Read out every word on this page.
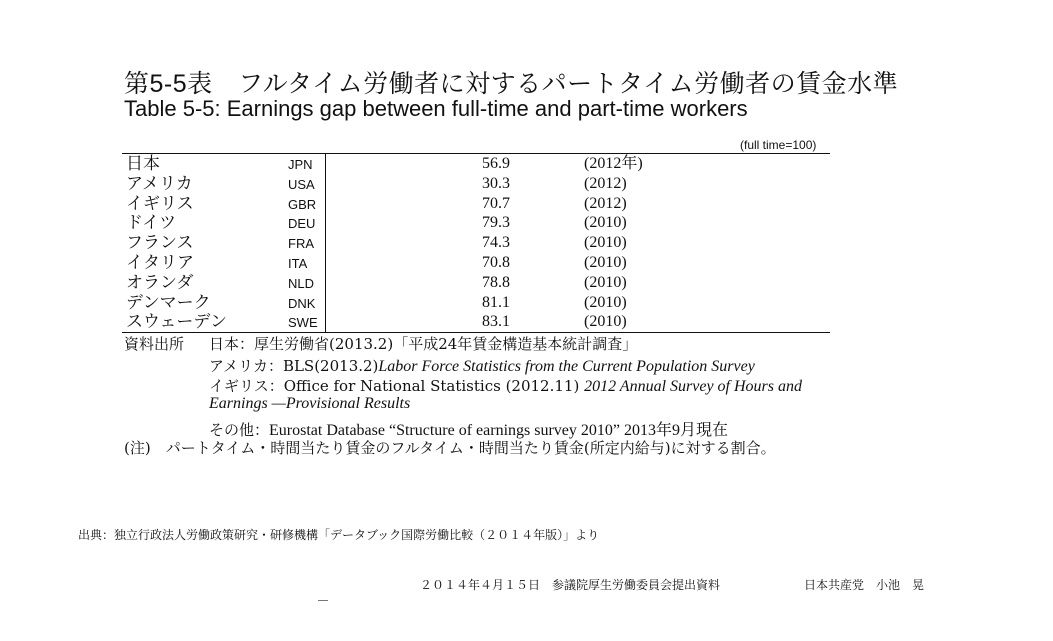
第5-5表　フルタイム労働者に対するパートタイム労働者の賃金水準
Table 5-5: Earnings gap between full-time and part-time workers
(full time=100)
日本	JPN	56.9	(2012年)
アメリカ	USA	30.3	(2012)
イギリス	GBR	70.7	(2012)
ドイツ	DEU	79.3	(2010)
フランス	FRA	74.3	(2010)
イタリア	ITA	70.8	(2010)
オランダ	NLD	78.8	(2010)
デンマーク	DNK	81.1	(2010)
スウェーデン	SWE	83.1	(2010)
資料出所 日本：厚生労働省(2013.2)「平成24年賃金構造基本統計調査」
アメリカ：BLS(2013.2)Labor Force Statistics from the Current Population Survey
イギリス：Office for National Statistics (2012.11) 2012 Annual Survey of Hours and
Earnings —Provisional Results
その他：Eurostat Database “Structure of earnings survey 2010” 2013年9月現在
(注)　パートタイム・時間当たり賃金のフルタイム・時間当たり賃金(所定内給与)に対する割合。
出典：独立行政法人労働政策研究・研修機構「データブック国際労働比較（２０１４年版）」より
２０１４年４月１５日　参議院厚生労働委員会提出資料	日本共産党　小池　晃
